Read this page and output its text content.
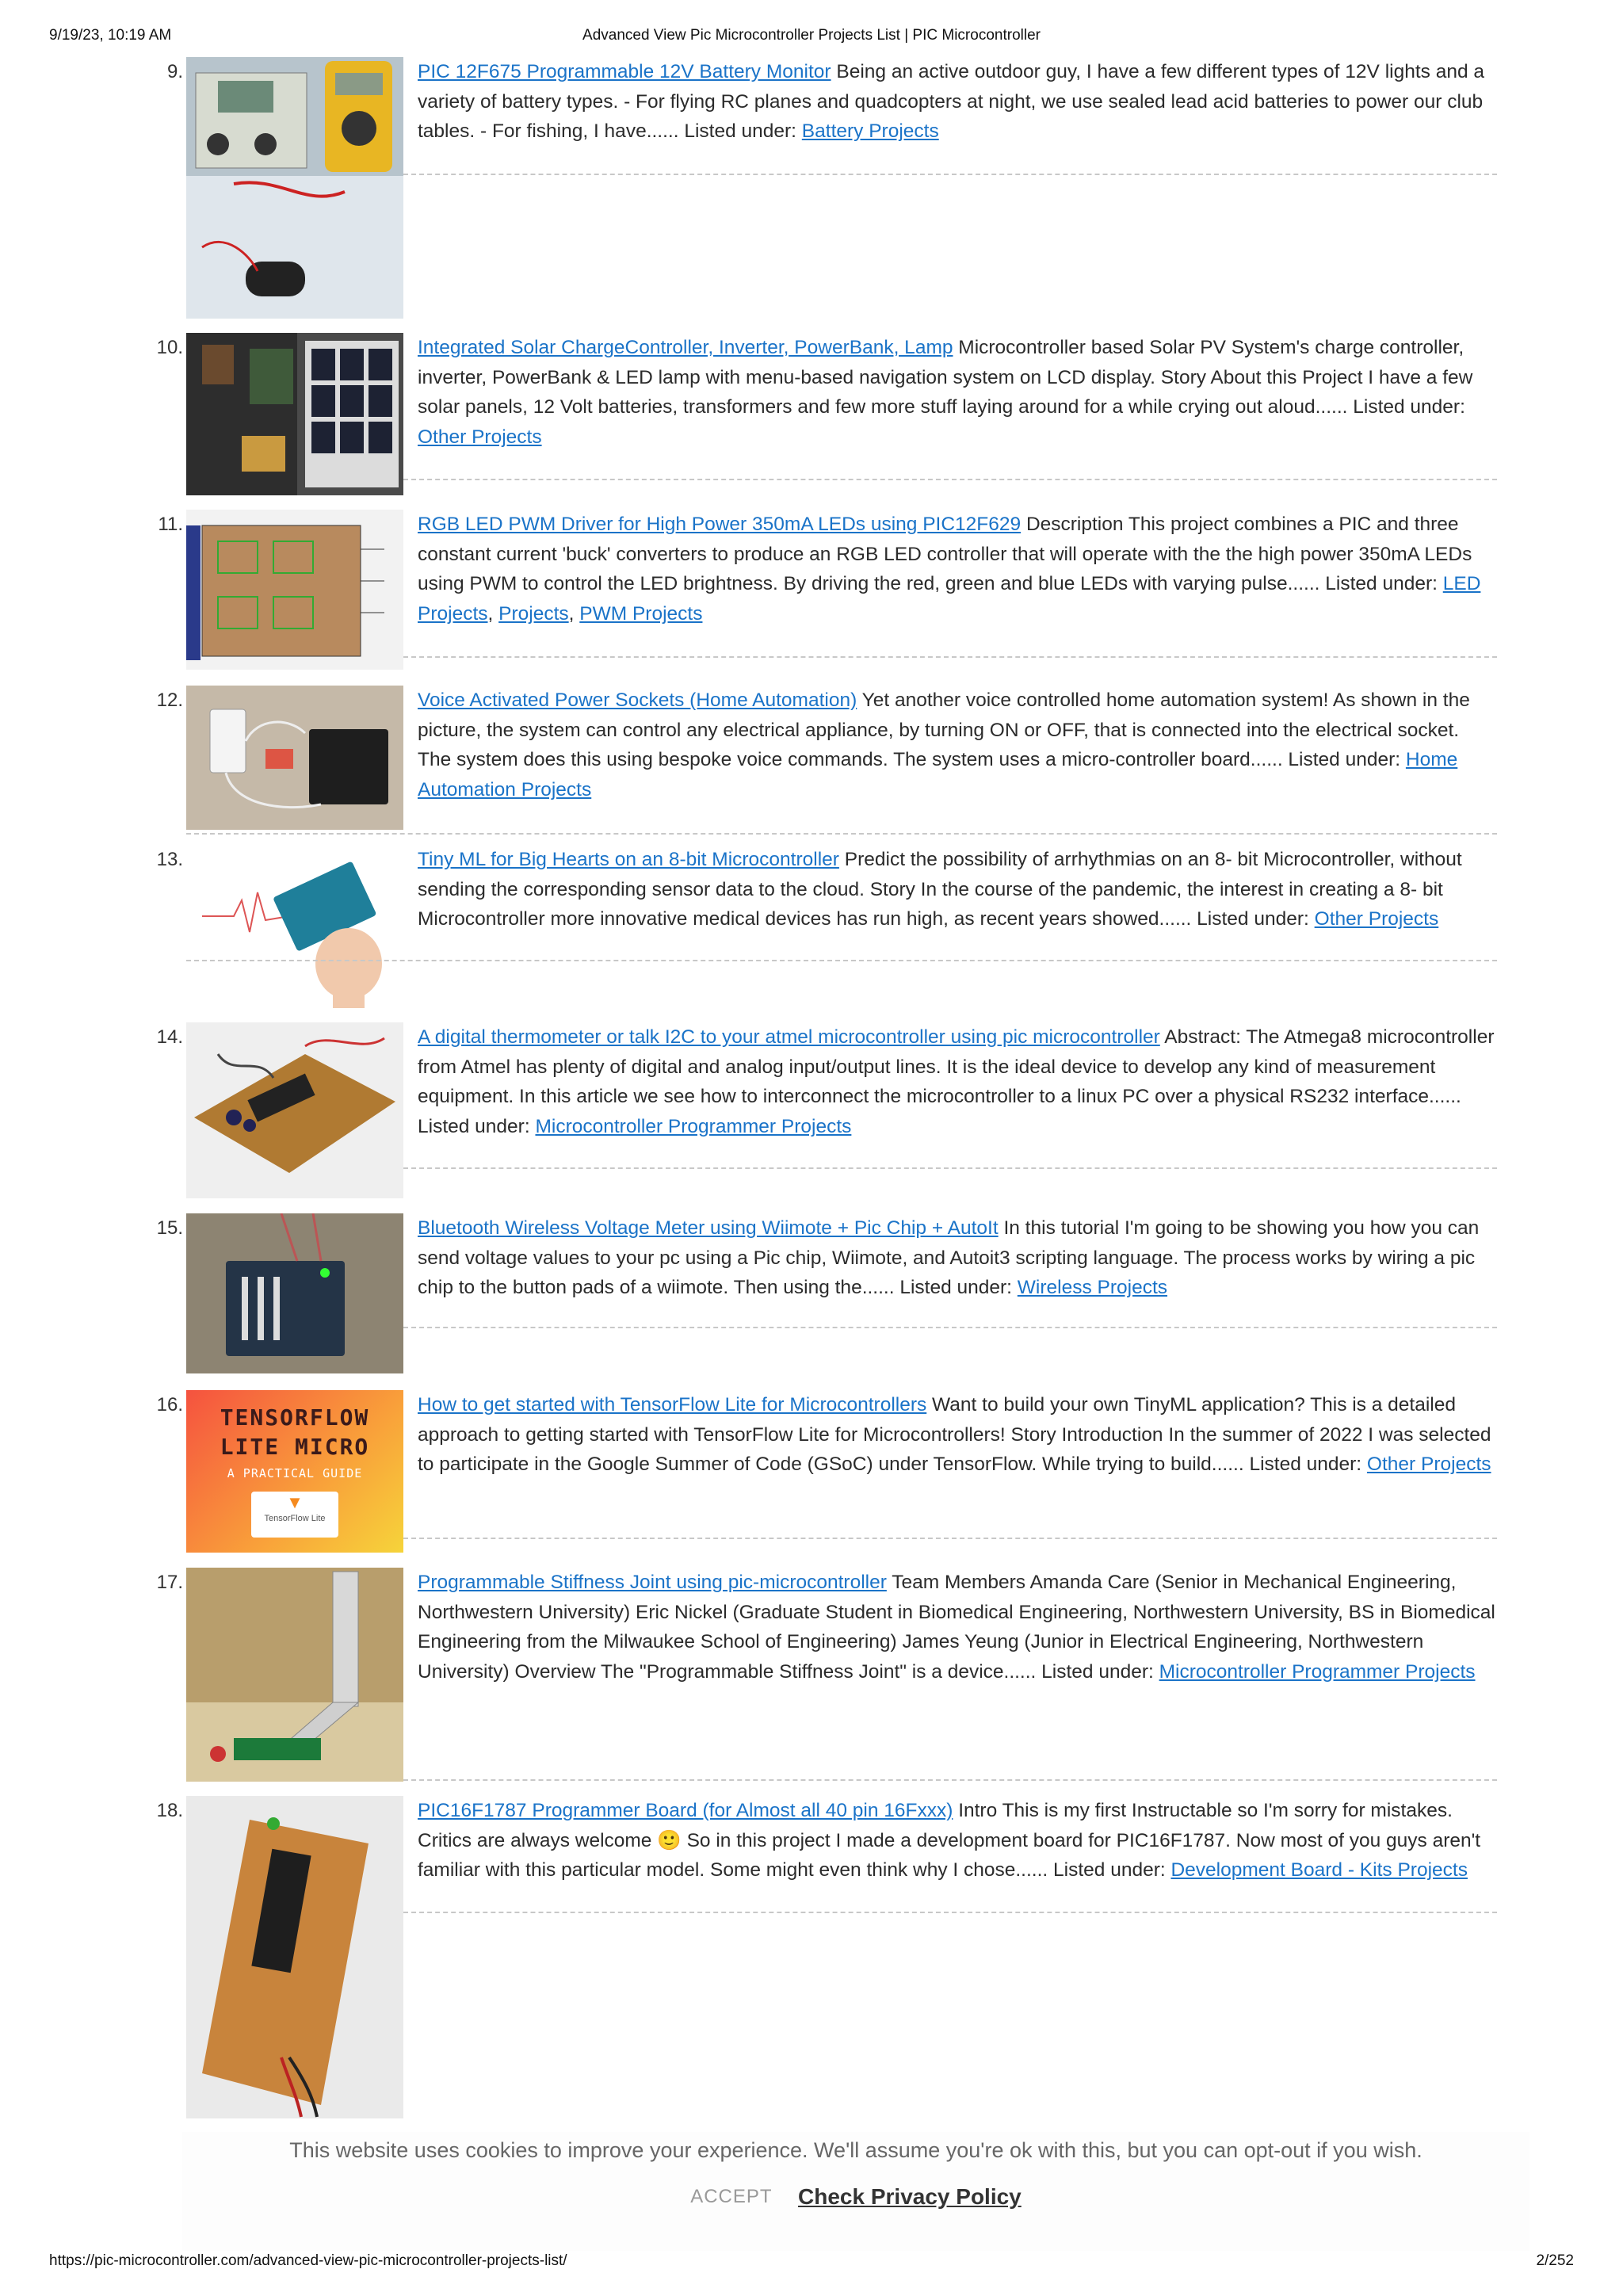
9/19/23, 10:19 AM	Advanced View Pic Microcontroller Projects List | PIC Microcontroller
9.	PIC 12F675 Programmable 12V Battery Monitor Being an active outdoor guy, I have a few different types of 12V lights and a variety of battery types. - For flying RC planes and quadcopters at night, we use sealed lead acid batteries to power our club tables. - For fishing, I have...... Listed under: Battery Projects
10.	Integrated Solar ChargeController, Inverter, PowerBank, Lamp Microcontroller based Solar PV System's charge controller, inverter, PowerBank & LED lamp with menu-based navigation system on LCD display. Story About this Project I have a few solar panels, 12 Volt batteries, transformers and few more stuff laying around for a while crying out aloud...... Listed under: Other Projects
11.	RGB LED PWM Driver for High Power 350mA LEDs using PIC12F629 Description This project combines a PIC and three constant current 'buck' converters to produce an RGB LED controller that will operate with the the high power 350mA LEDs using PWM to control the LED brightness. By driving the red, green and blue LEDs with varying pulse...... Listed under: LED Projects, Projects, PWM Projects
12.	Voice Activated Power Sockets (Home Automation) Yet another voice controlled home automation system! As shown in the picture, the system can control any electrical appliance, by turning ON or OFF, that is connected into the electrical socket. The system does this using bespoke voice commands. The system uses a micro-controller board...... Listed under: Home Automation Projects
13.	Tiny ML for Big Hearts on an 8-bit Microcontroller Predict the possibility of arrhythmias on an 8- bit Microcontroller, without sending the corresponding sensor data to the cloud. Story In the course of the pandemic, the interest in creating a 8- bit Microcontroller more innovative medical devices has run high, as recent years showed...... Listed under: Other Projects
14.	A digital thermometer or talk I2C to your atmel microcontroller using pic microcontroller Abstract: The Atmega8 microcontroller from Atmel has plenty of digital and analog input/output lines. It is the ideal device to develop any kind of measurement equipment. In this article we see how to interconnect the microcontroller to a linux PC over a physical RS232 interface...... Listed under: Microcontroller Programmer Projects
15.	Bluetooth Wireless Voltage Meter using Wiimote + Pic Chip + AutoIt In this tutorial I'm going to be showing you how you can send voltage values to your pc using a Pic chip, Wiimote, and Autoit3 scripting language. The process works by wiring a pic chip to the button pads of a wiimote. Then using the...... Listed under: Wireless Projects
16.	TENSORFLOW
LITE MICRO
A PRACTICAL GUIDE
▼
TensorFlow Lite
How to get started with TensorFlow Lite for Microcontrollers Want to build your own TinyML application? This is a detailed approach to getting started with TensorFlow Lite for Microcontrollers! Story Introduction In the summer of 2022 I was selected to participate in the Google Summer of Code (GSoC) under TensorFlow. While trying to build...... Listed under: Other Projects
17.	Programmable Stiffness Joint using pic-microcontroller Team Members Amanda Care (Senior in Mechanical Engineering, Northwestern University) Eric Nickel (Graduate Student in Biomedical Engineering, Northwestern University, BS in Biomedical Engineering from the Milwaukee School of Engineering) James Yeung (Junior in Electrical Engineering, Northwestern University) Overview The "Programmable Stiffness Joint" is a device...... Listed under: Microcontroller Programmer Projects
18.	PIC16F1787 Programmer Board (for Almost all 40 pin 16Fxxx) Intro This is my first Instructable so I'm sorry for mistakes. Critics are always welcome 🙂 So in this project I made a development board for PIC16F1787. Now most of you guys aren't familiar with this particular model. Some might even think why I chose...... Listed under: Development Board - Kits Projects
This website uses cookies to improve your experience. We'll assume you're ok with this, but you can opt-out if you wish.
ACCEPT Check Privacy Policy
https://pic-microcontroller.com/advanced-view-pic-microcontroller-projects-list/	2/252
